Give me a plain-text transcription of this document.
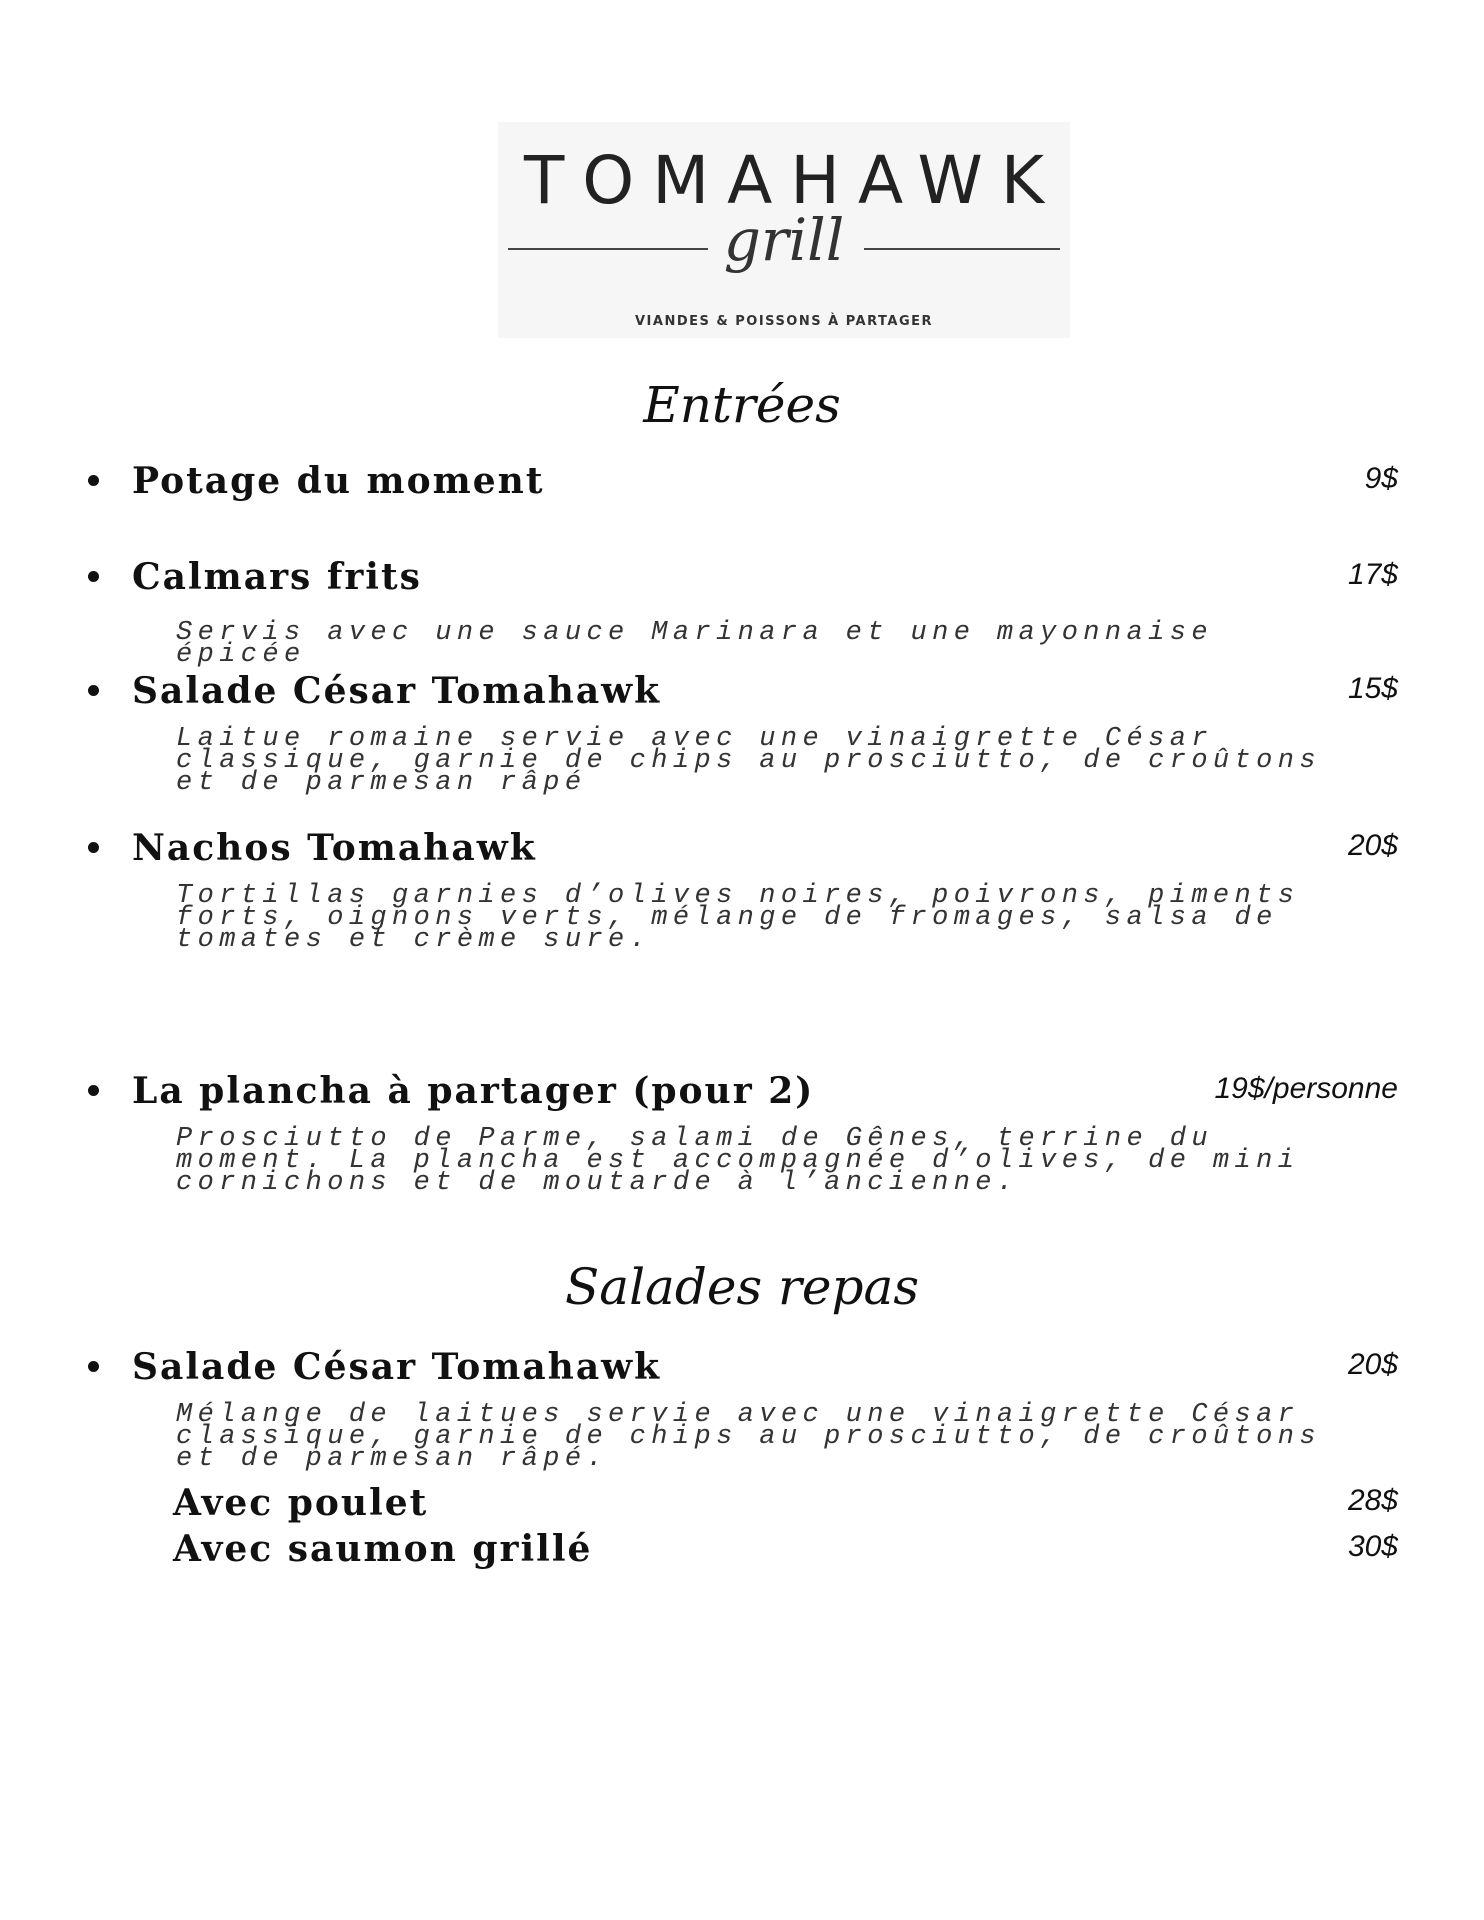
TOMAHAWK
grill
VIANDES & POISSONS À PARTAGER
Entrées
Potage du moment	9$
Calmars frits	17$
Servis avec une sauce Marinara et une mayonnaise épicée
Salade César Tomahawk	15$
Laitue romaine servie avec une vinaigrette César
classique, garnie de chips au prosciutto, de croûtons
et de parmesan râpé
Nachos Tomahawk	20$
Tortillas garnies d’olives noires, poivrons, piments
forts, oignons verts, mélange de fromages, salsa de
tomates et crème sure.
La plancha à partager (pour 2)	19$/personne
Prosciutto de Parme, salami de Gênes, terrine du
moment. La plancha est accompagnée d’olives, de mini
cornichons et de moutarde à l’ancienne.
Salades repas
Salade César Tomahawk	20$
Mélange de laitues servie avec une vinaigrette César
classique, garnie de chips au prosciutto, de croûtons
et de parmesan râpé.
Avec poulet	28$
Avec saumon grillé	30$
